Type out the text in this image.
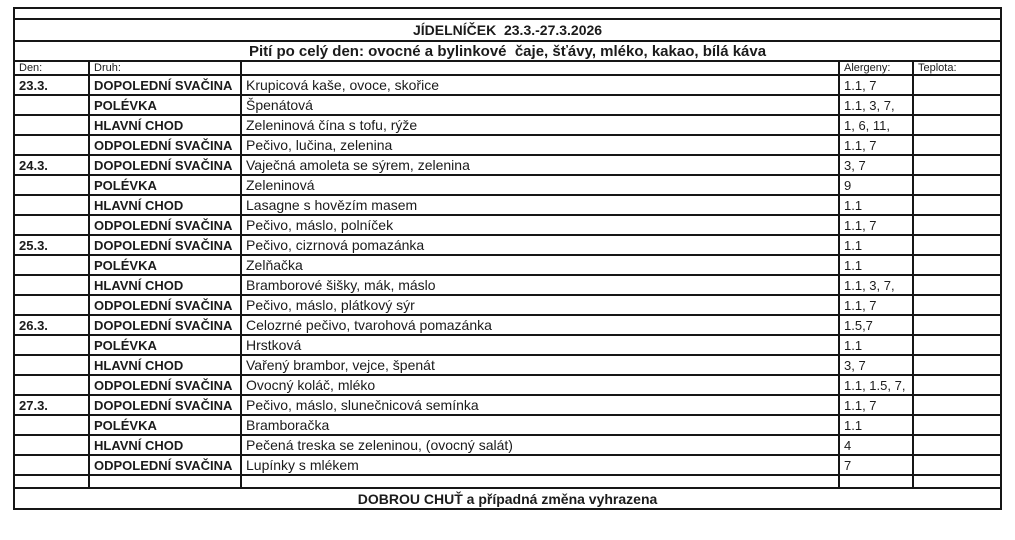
JÍDELNÍČEK  23.3.-27.3.2026				
Pití po celý den: ovocné a bylinkové  čaje, šťávy, mléko, kakao, bílá káva				
Den:	Druh:		Alergeny:	Teplota:
23.3.	DOPOLEDNÍ SVAČINA	Krupicová kaše, ovoce, skořice	1.1, 7	
	POLÉVKA	Špenátová	1.1, 3, 7,	
	HLAVNÍ CHOD	Zeleninová čína s tofu, rýže	1, 6, 11,	
	ODPOLEDNÍ SVAČINA	Pečivo, lučina, zelenina	1.1, 7	
24.3.	DOPOLEDNÍ SVAČINA	Vaječná amoleta se sýrem, zelenina	3, 7	
	POLÉVKA	Zeleninová	9	
	HLAVNÍ CHOD	Lasagne s hovězím masem	1.1	
	ODPOLEDNÍ SVAČINA	Pečivo, máslo, polníček	1.1, 7	
25.3.	DOPOLEDNÍ SVAČINA	Pečivo, cizrnová pomazánka	1.1	
	POLÉVKA	Zelňačka	1.1	
	HLAVNÍ CHOD	Bramborové šišky, mák, máslo	1.1, 3, 7,	
	ODPOLEDNÍ SVAČINA	Pečivo, máslo, plátkový sýr	1.1, 7	
26.3.	DOPOLEDNÍ SVAČINA	Celozrné pečivo, tvarohová pomazánka	1.5,7	
	POLÉVKA	Hrstková	1.1	
	HLAVNÍ CHOD	Vařený brambor, vejce, špenát	3, 7	
	ODPOLEDNÍ SVAČINA	Ovocný koláč, mléko	1.1, 1.5, 7,	
27.3.	DOPOLEDNÍ SVAČINA	Pečivo, máslo, slunečnicová semínka	1.1, 7	
	POLÉVKA	Bramboračka	1.1	
	HLAVNÍ CHOD	Pečená treska se zeleninou, (ovocný salát)	4	
	ODPOLEDNÍ SVAČINA	Lupínky s mlékem	7	

DOBROU CHUŤ a případná změna vyhrazena				
